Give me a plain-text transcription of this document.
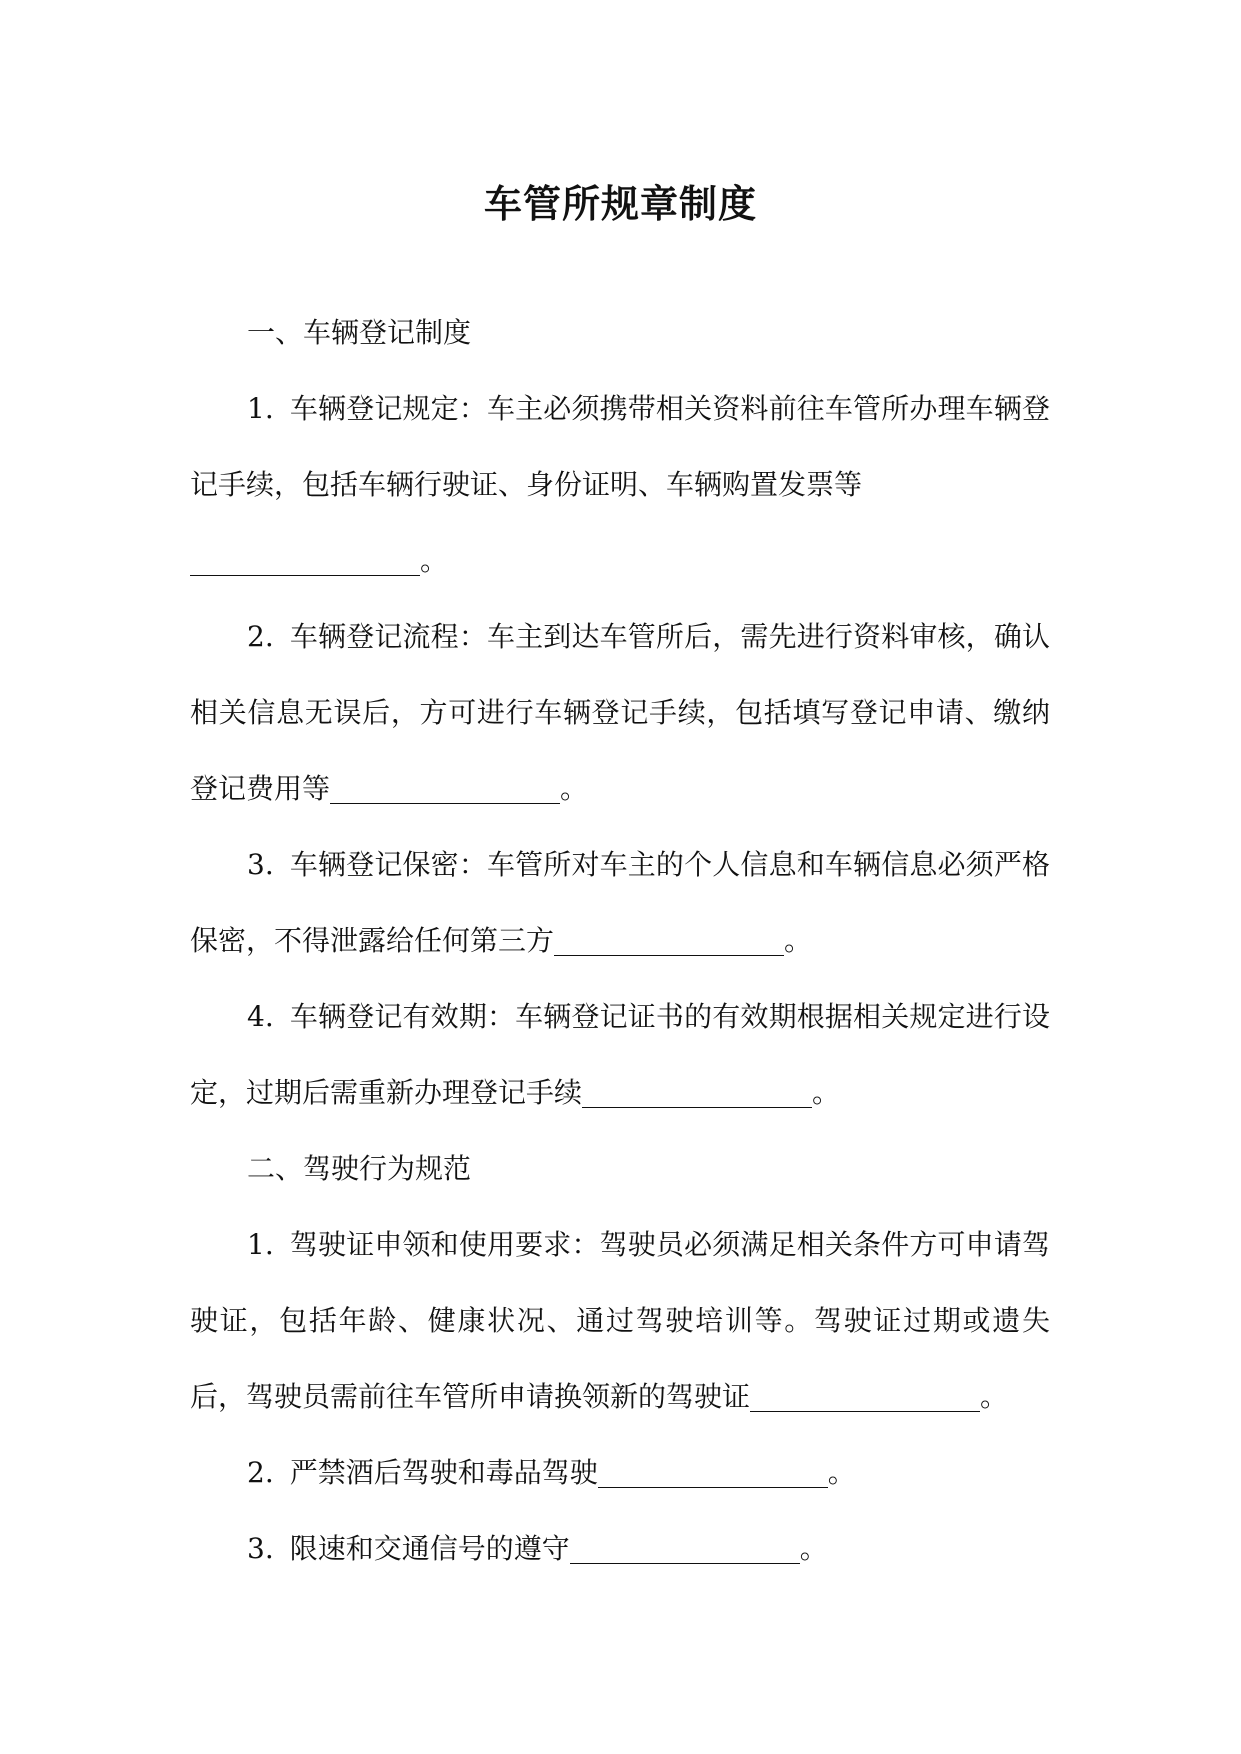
车管所规章制度

一、车辆登记制度

1. 车辆登记规定：车主必须携带相关资料前往车管所办理车辆登记手续，包括车辆行驶证、身份证明、车辆购置发票等
。

2. 车辆登记流程：车主到达车管所后，需先进行资料审核，确认相关信息无误后，方可进行车辆登记手续，包括填写登记申请、缴纳登记费用等	。

3. 车辆登记保密：车管所对车主的个人信息和车辆信息必须严格保密，不得泄露给任何第三方	。

4. 车辆登记有效期：车辆登记证书的有效期根据相关规定进行设定，过期后需重新办理登记手续	。

二、驾驶行为规范

1. 驾驶证申领和使用要求：驾驶员必须满足相关条件方可申请驾驶证，包括年龄、健康状况、通过驾驶培训等。驾驶证过期或遗失后，驾驶员需前往车管所申请换领新的驾驶证	。

2. 严禁酒后驾驶和毒品驾驶	。

3. 限速和交通信号的遵守	。
